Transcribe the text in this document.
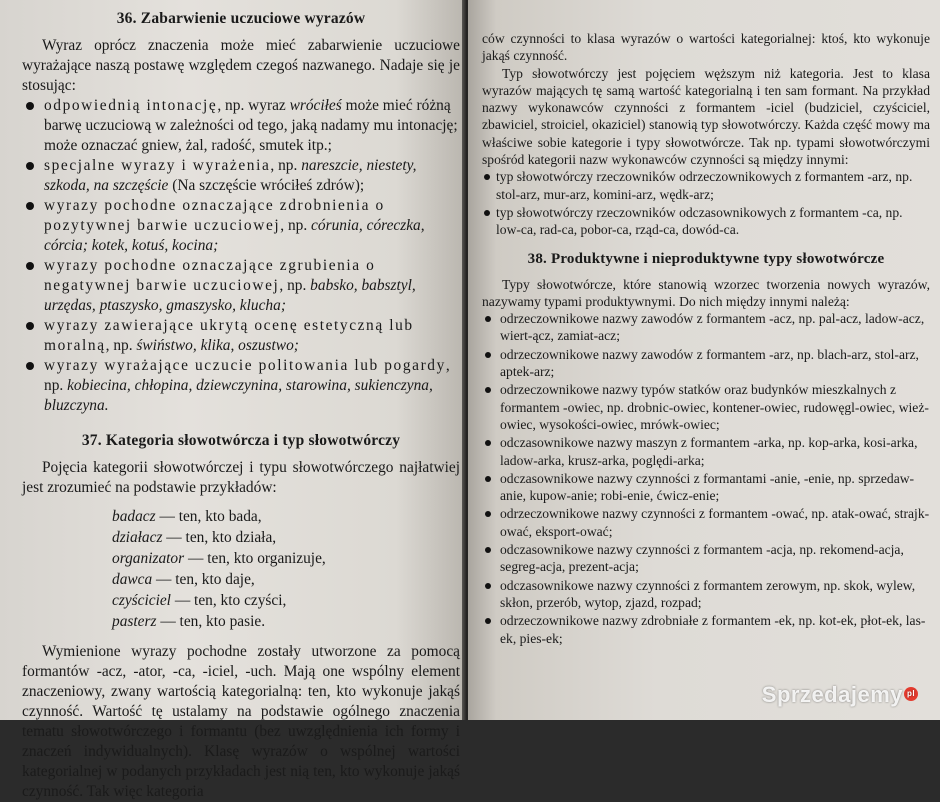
36. Zabarwienie uczuciowe wyrazów

Wyraz oprócz znaczenia może mieć zabarwienie uczuciowe wyrażające naszą postawę względem czegoś nazwanego. Nadaje się je stosując:

odpowiednią intonację, np. wyraz wróciłeś może mieć różną barwę uczuciową w zależności od tego, jaką nadamy mu intonację; może oznaczać gniew, żal, radość, smutek itp.;
specjalne wyrazy i wyrażenia, np. nareszcie, niestety, szkoda, na szczęście (Na szczęście wróciłeś zdrów);
wyrazy pochodne oznaczające zdrobnienia o pozytywnej barwie uczuciowej, np. córunia, córeczka, córcia; kotek, kotuś, kocina;
wyrazy pochodne oznaczające zgrubienia o negatywnej barwie uczuciowej, np. babsko, babsztyl, urzędas, ptaszysko, gmaszysko, klucha;
wyrazy zawierające ukrytą ocenę estetyczną lub moralną, np. świństwo, klika, oszustwo;
wyrazy wyrażające uczucie politowania lub pogardy, np. kobiecina, chłopina, dziewczynina, starowina, sukienczyna, bluzczyna.
37. Kategoria słowotwórcza i typ słowotwórczy

Pojęcia kategorii słowotwórczej i typu słowotwórczego najłatwiej jest zrozumieć na podstawie przykładów:

badacz — ten, kto bada,
działacz — ten, kto działa,
organizator — ten, kto organizuje,
dawca — ten, kto daje,
czyściciel — ten, kto czyści,
pasterz — ten, kto pasie.

Wymienione wyrazy pochodne zostały utworzone za pomocą formantów -acz, -ator, -ca, -iciel, -uch. Mają one wspólny element znaczeniowy, zwany wartością kategorialną: ten, kto wykonuje jakąś czynność. Wartość tę ustalamy na podstawie ogólnego znaczenia tematu słowotwórczego i formantu (bez uwzględnienia ich formy i znaczeń indywidualnych). Klasę wyrazów o wspólnej wartości kategorialnej w podanych przykładach jest nią ten, kto wykonuje jakąś czynność. Tak więc kategoria

ców czynności to klasa wyrazów o wartości kategorialnej: ktoś, kto wykonuje jakąś czynność.

Typ słowotwórczy jest pojęciem węższym niż kategoria. Jest to klasa wyrazów mających tę samą wartość kategorialną i ten sam formant. Na przykład nazwy wykonawców czynności z formantem -iciel (budziciel, czyściciel, zbawiciel, stroiciel, okaziciel) stanowią typ słowotwórczy. Każda część mowy ma właściwe sobie kategorie i typy słowotwórcze. Tak np. typami słowotwórczymi spośród kategorii nazw wykonawców czynności są między innymi:

typ słowotwórczy rzeczowników odrzeczownikowych z formantem -arz, np. stol-arz, mur-arz, komini-arz, wędk-arz;
typ słowotwórczy rzeczowników odczasownikowych z formantem -ca, np. low-ca, rad-ca, pobor-ca, rząd-ca, dowód-ca.
38. Produktywne i nieproduktywne typy słowotwórcze

Typy słowotwórcze, które stanowią wzorzec tworzenia nowych wyrazów, nazywamy typami produktywnymi. Do nich między innymi należą:

odrzeczownikowe nazwy zawodów z formantem -acz, np. pal-acz, ladow-acz, wiert-ącz, zamiat-acz;
odrzeczownikowe nazwy zawodów z formantem -arz, np. blach-arz, stol-arz, aptek-arz;
odrzeczownikowe nazwy typów statków oraz budynków mieszkalnych z formantem -owiec, np. drobnic-owiec, kontener-owiec, rudowęgl-owiec, wież-owiec, wysokości-owiec, mrówk-owiec;
odczasownikowe nazwy maszyn z formantem -arka, np. kop-arka, kosi-arka, ladow-arka, krusz-arka, poględi-arka;
odczasownikowe nazwy czynności z formantami -anie, -enie, np. sprzedaw-anie, kupow-anie; robi-enie, ćwicz-enie;
odrzeczownikowe nazwy czynności z formantem -ować, np. atak-ować, strajk-ować, eksport-ować;
odczasownikowe nazwy czynności z formantem -acja, np. rekomend-acja, segreg-acja, prezent-acja;
odczasownikowe nazwy czynności z formantem zerowym, np. skok, wylew, skłon, przerób, wytop, zjazd, rozpad;
odrzeczownikowe nazwy zdrobniałe z formantem -ek, np. kot-ek, płot-ek, las-ek, pies-ek;
Sprzedajemy pl
